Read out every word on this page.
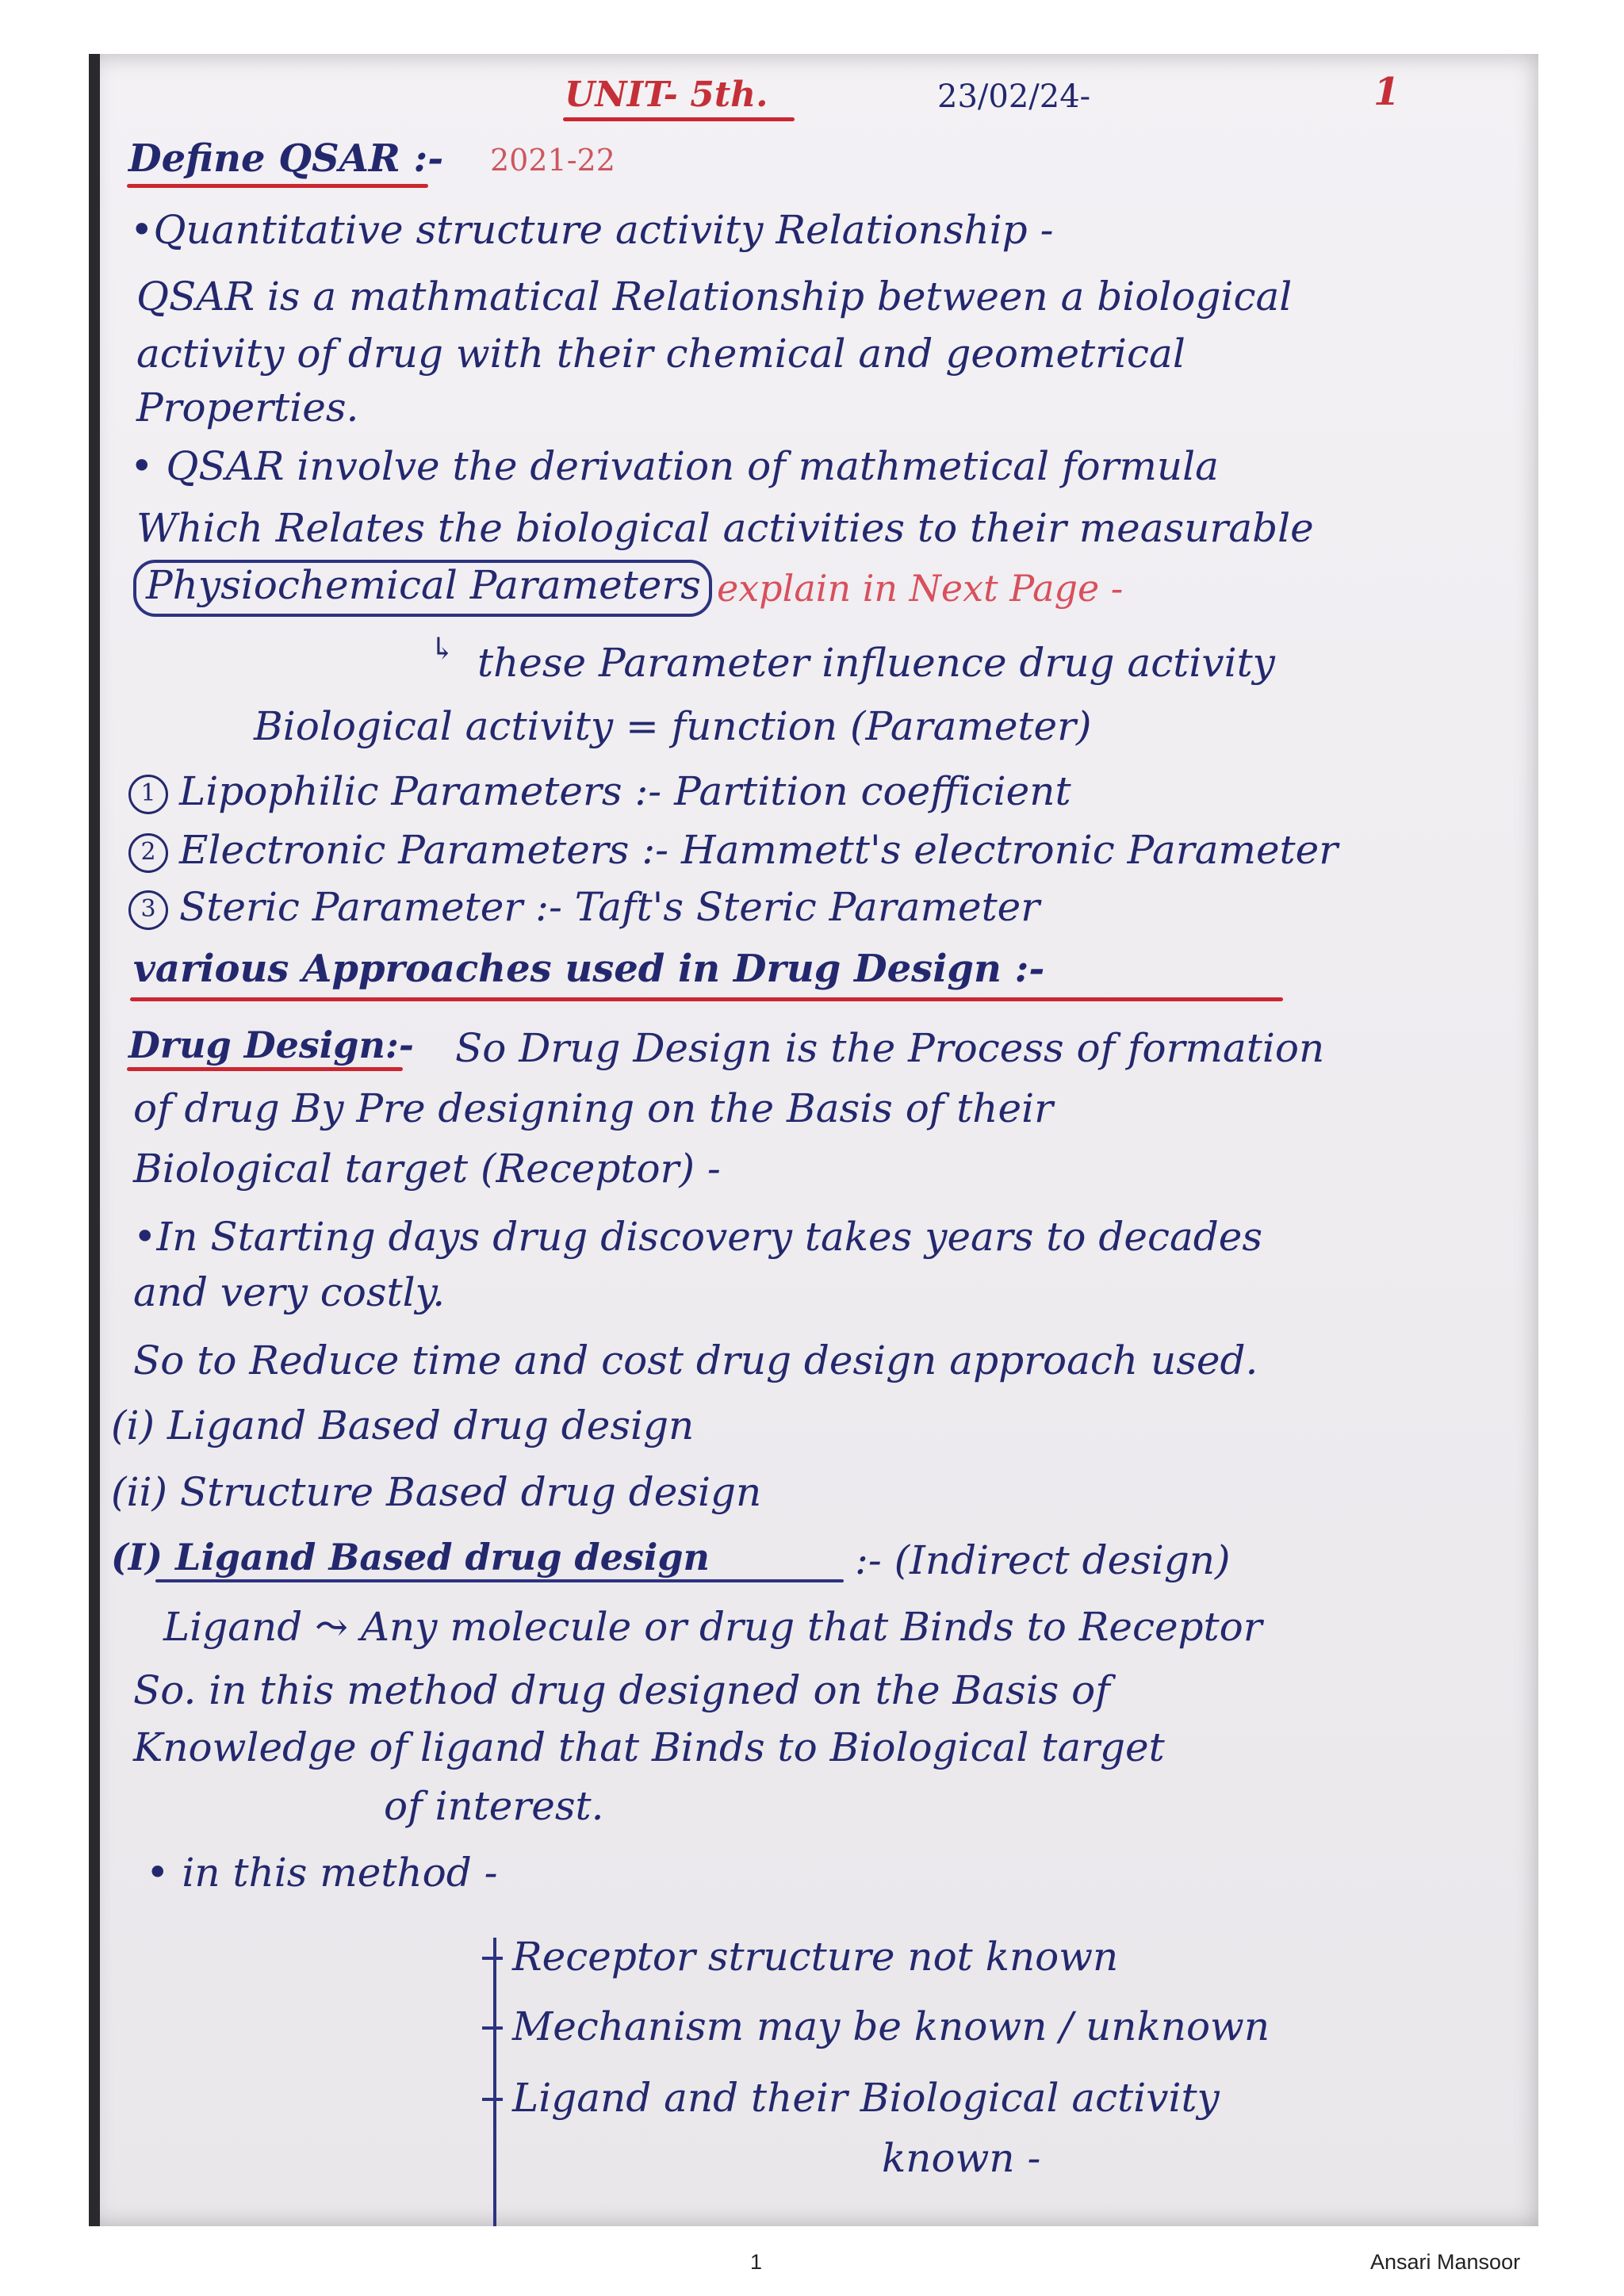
UNIT- 5th.	23/02/24-	1
Define QSAR :- 2021-22
•Quantitative structure activity Relationship -
QSAR is a mathmatical Relationship between a biological
activity of drug with their chemical and geometrical
Properties.
• QSAR involve the derivation of mathmetical formula
Which Relates the biological activities to their measurable
Physiochemical Parameters explain in Next Page -
↳ these Parameter influence drug activity
Biological activity = function (Parameter)
1 Lipophilic Parameters :- Partition coefficient
2 Electronic Parameters :- Hammett's electronic Parameter
3 Steric Parameter :- Taft's Steric Parameter
various Approaches used in Drug Design :-
Drug Design:- So Drug Design is the Process of formation
of drug By Pre designing on the Basis of their
Biological target (Receptor) -
•In Starting days drug discovery takes years to decades
and very costly.
So to Reduce time and cost drug design approach used.
(i) Ligand Based drug design
(ii) Structure Based drug design
(I) Ligand Based drug design	:- (Indirect design)
Ligand ⤳ Any molecule or drug that Binds to Receptor
So. in this method drug designed on the Basis of
Knowledge of ligand that Binds to Biological target
of interest.
• in this method -
Receptor structure not known
Mechanism may be known / unknown
Ligand and their Biological activity
known -
1	Ansari Mansoor
